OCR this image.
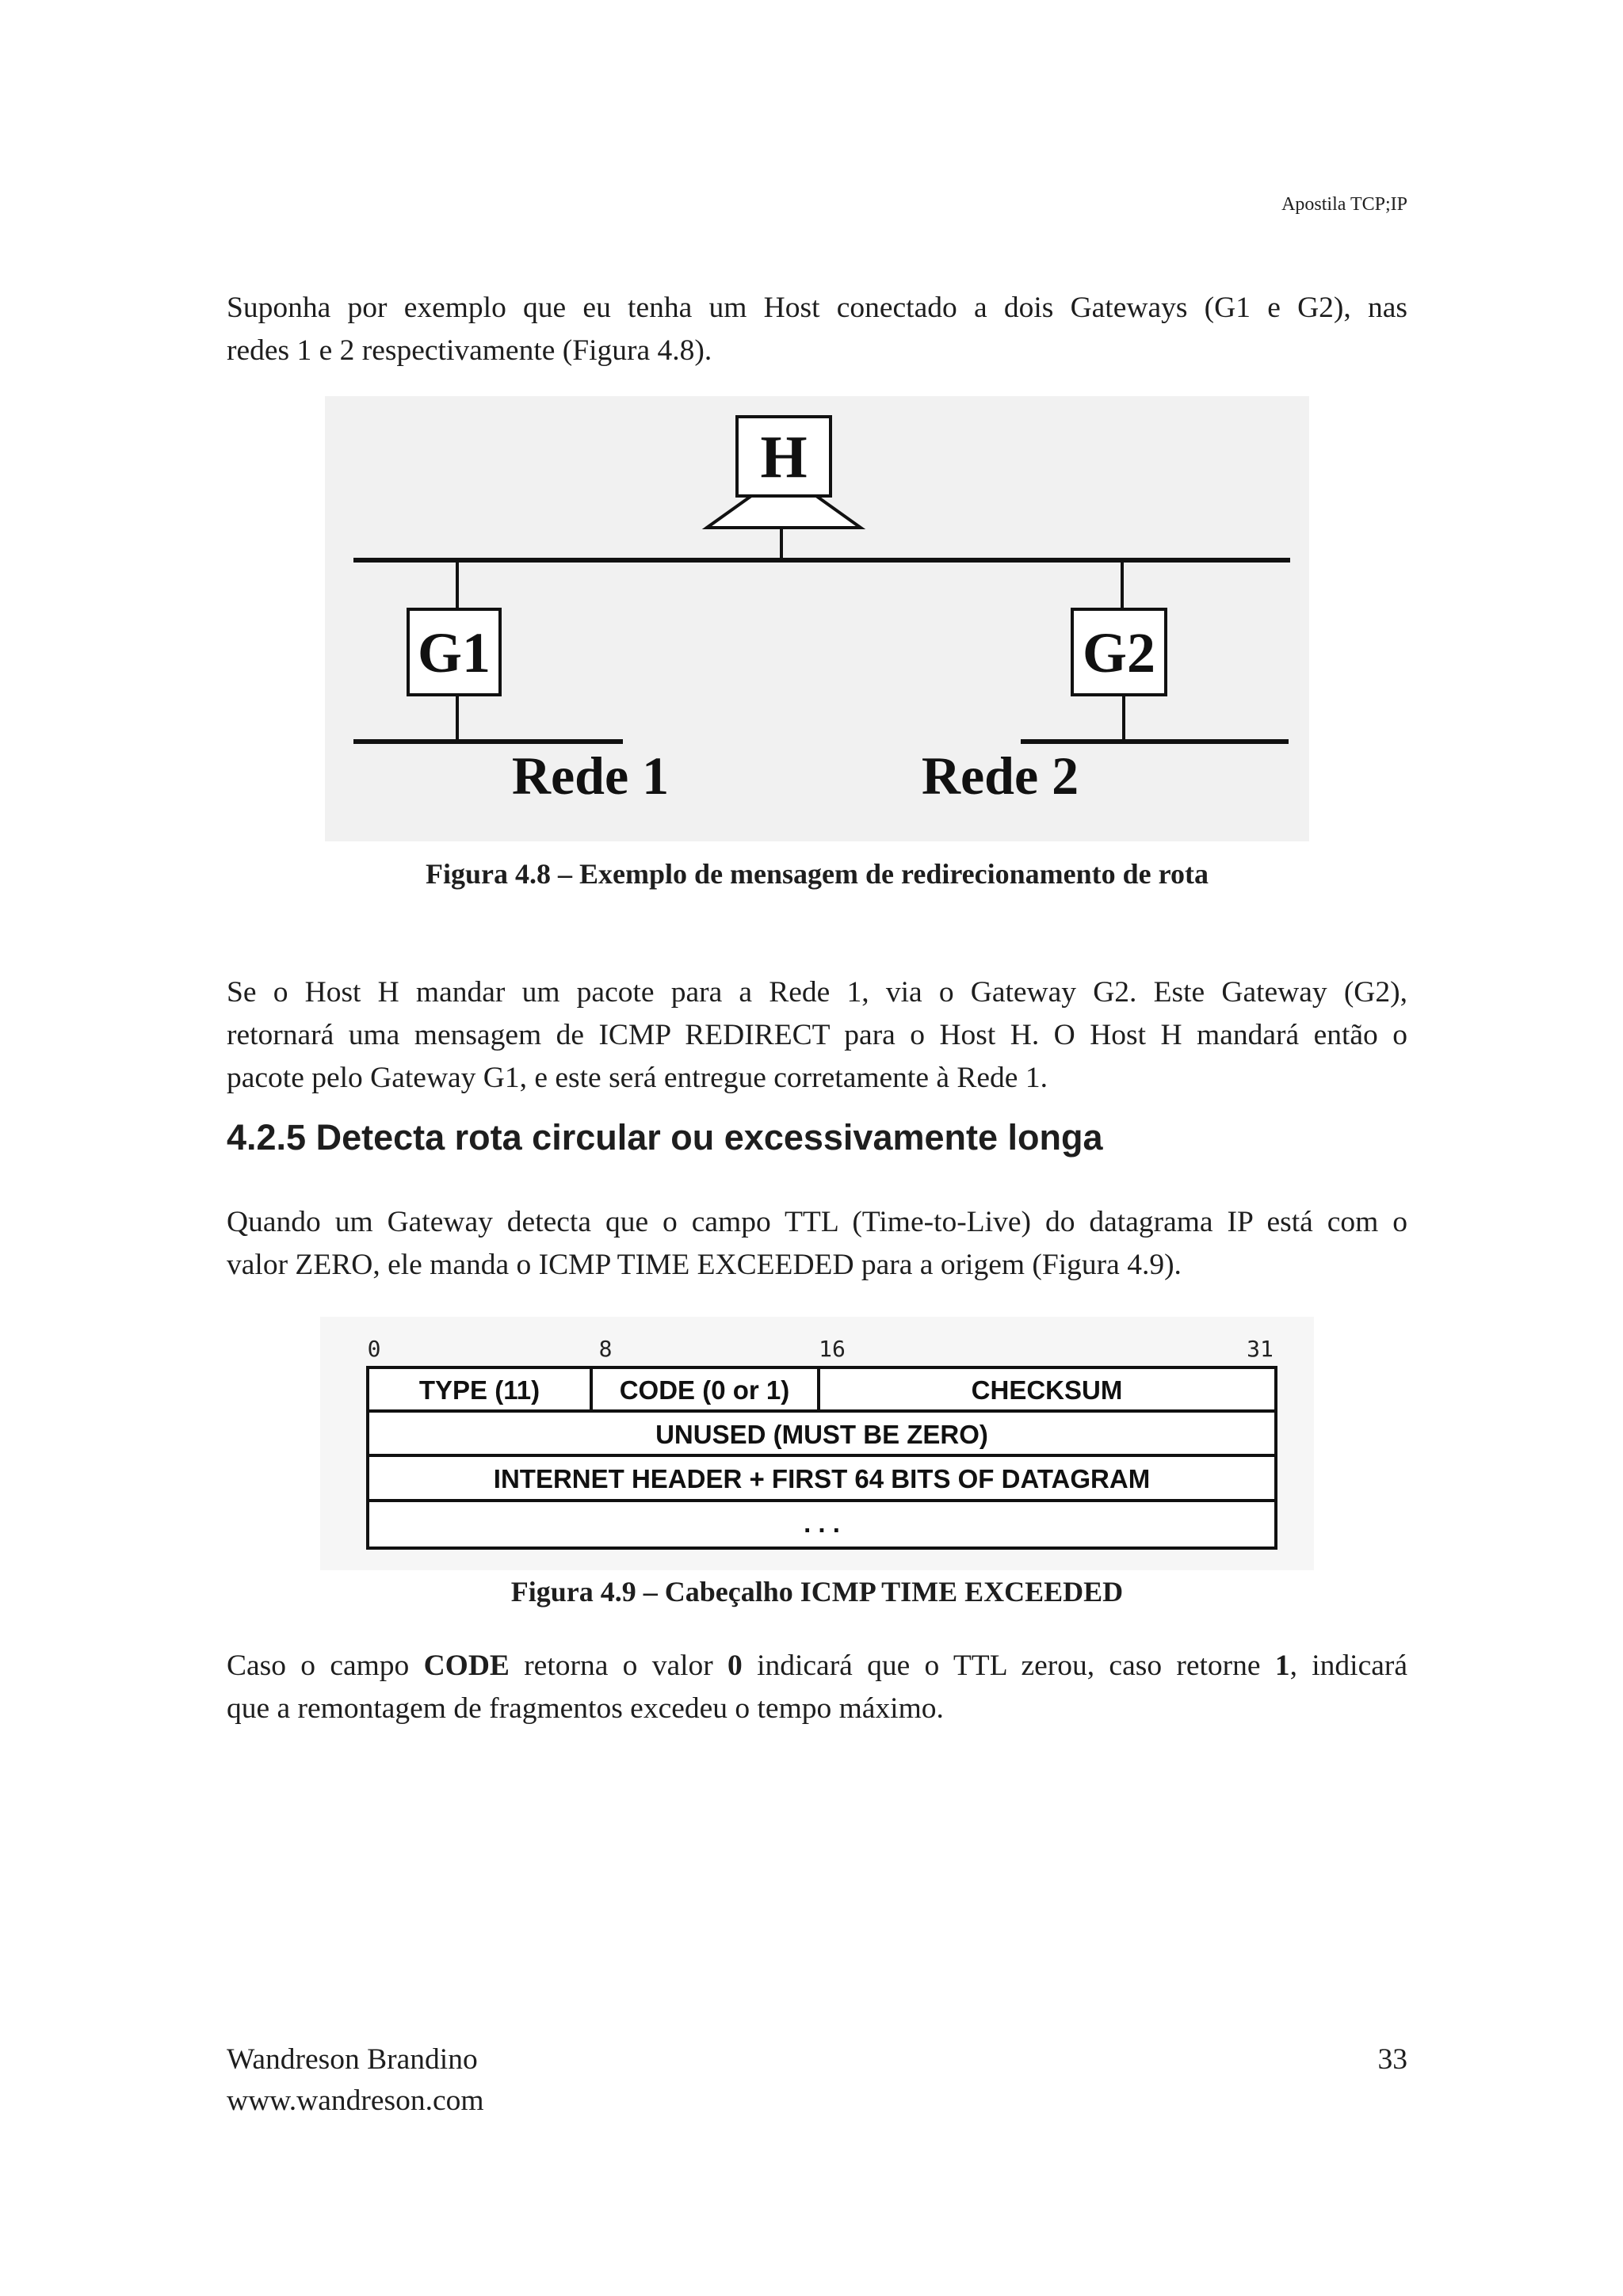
Apostila TCP;IP

Suponha por exemplo que eu tenha um Host conectado a dois Gateways (G1 e G2), nas
redes 1 e 2 respectivamente (Figura 4.8).

H
G1	G2
Rede 1	Rede 2
Figura 4.8 – Exemplo de mensagem de redirecionamento de rota

Se o Host H mandar um pacote para a Rede 1, via o Gateway G2. Este Gateway (G2),
retornará uma mensagem de ICMP REDIRECT para o Host H. O Host H mandará então o
pacote pelo Gateway G1, e este será entregue corretamente à Rede 1.

4.2.5 Detecta rota circular ou excessivamente longa

Quando um Gateway detecta que o campo TTL (Time-to-Live) do datagrama IP está com o
valor ZERO, ele manda o ICMP TIME EXCEEDED para a origem (Figura 4.9).

0	8	16	31
TYPE (11)	CODE (0 or 1)	CHECKSUM
UNUSED (MUST BE ZERO)
INTERNET HEADER + FIRST 64 BITS OF DATAGRAM
. . .
Figura 4.9 – Cabeçalho ICMP TIME EXCEEDED

Caso o campo CODE retorna o valor 0 indicará que o TTL zerou, caso retorne 1, indicará
que a remontagem de fragmentos excedeu o tempo máximo.

Wandreson Brandino
www.wandreson.com
33
